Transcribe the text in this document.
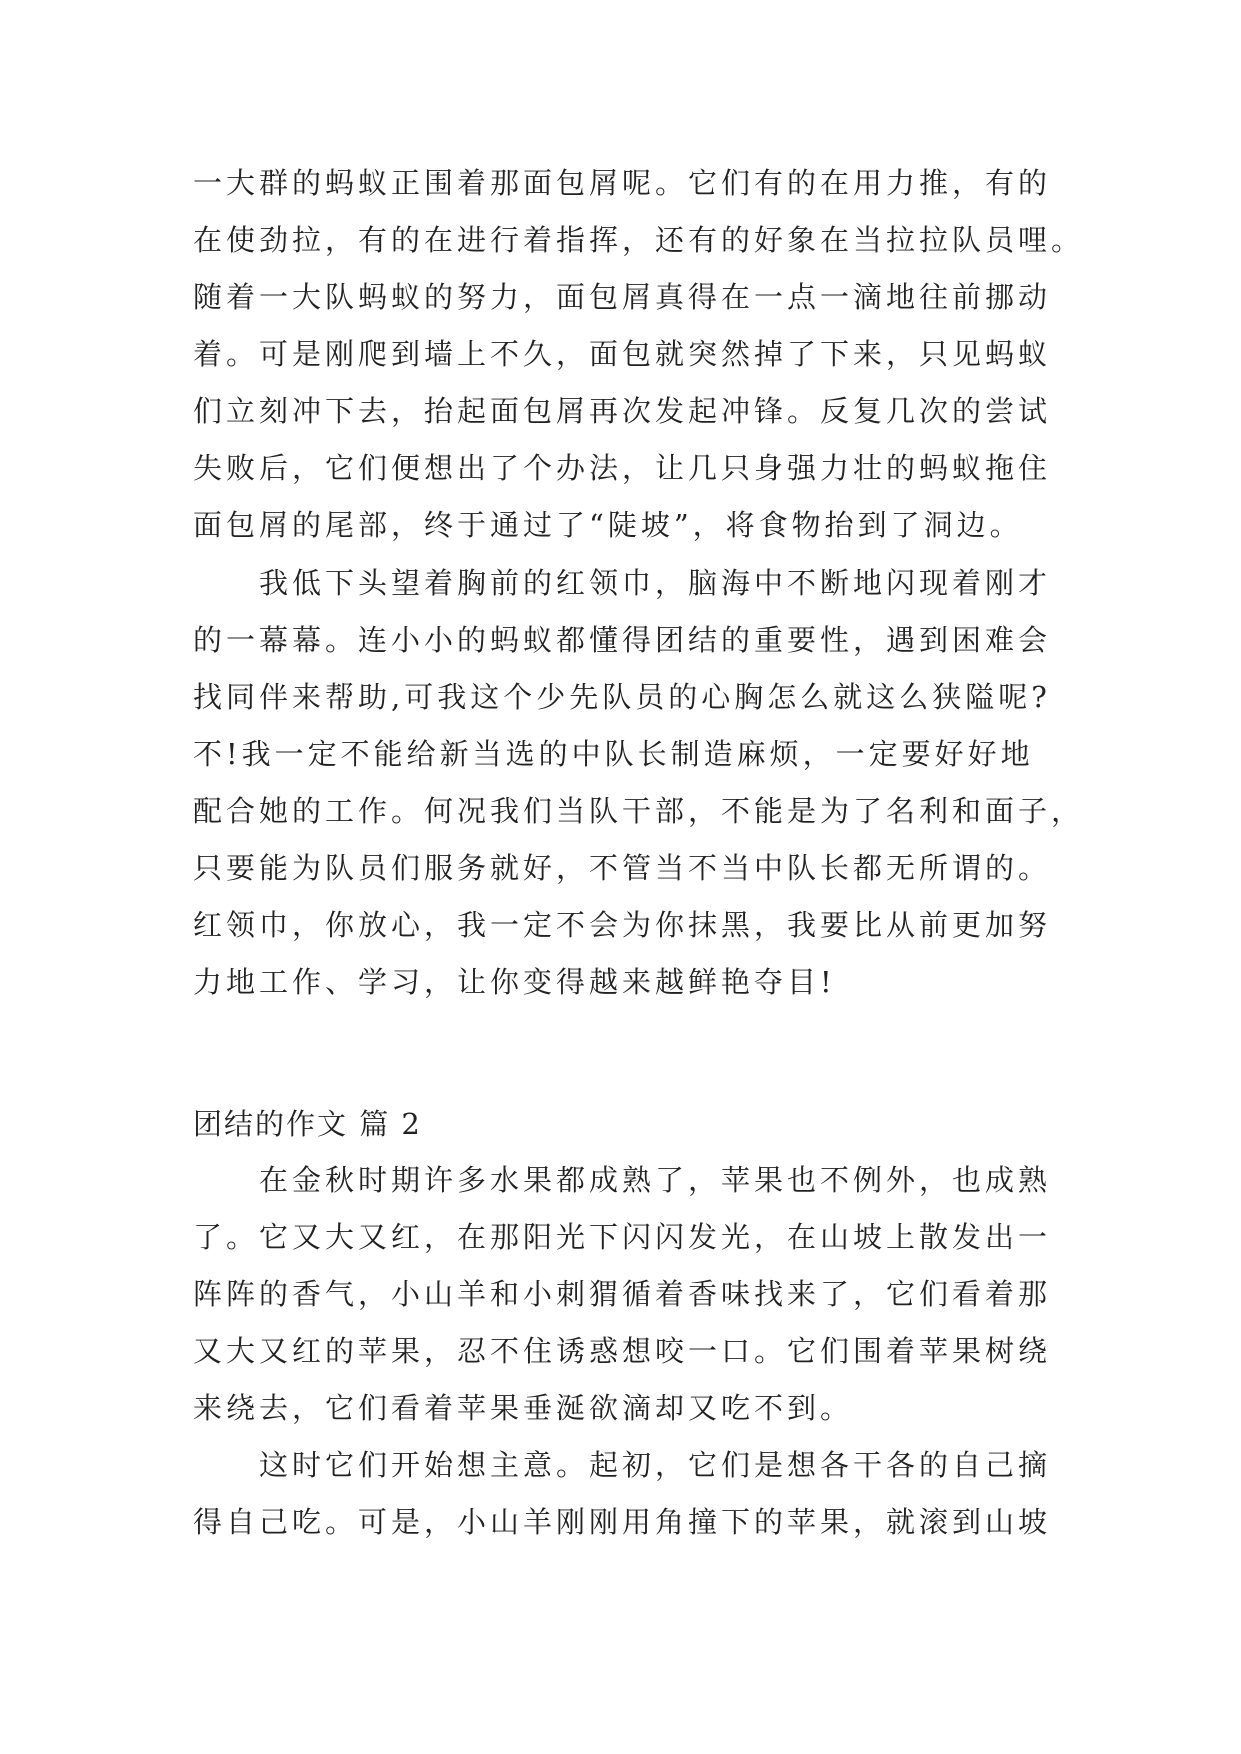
一大群的蚂蚁正围着那面包屑呢。它们有的在用力推，有的
在使劲拉，有的在进行着指挥，还有的好象在当拉拉队员哩。
随着一大队蚂蚁的努力，面包屑真得在一点一滴地往前挪动
着。可是刚爬到墙上不久，面包就突然掉了下来，只见蚂蚁
们立刻冲下去，抬起面包屑再次发起冲锋。反复几次的尝试
失败后，它们便想出了个办法，让几只身强力壮的蚂蚁拖住
面包屑的尾部，终于通过了“陡坡”，将食物抬到了洞边。
我低下头望着胸前的红领巾，脑海中不断地闪现着刚才
的一幕幕。连小小的蚂蚁都懂得团结的重要性，遇到困难会
找同伴来帮助,可我这个少先队员的心胸怎么就这么狭隘呢?
不!我一定不能给新当选的中队长制造麻烦，一定要好好地
配合她的工作。何况我们当队干部，不能是为了名利和面子，
只要能为队员们服务就好，不管当不当中队长都无所谓的。
红领巾，你放心，我一定不会为你抹黑，我要比从前更加努
力地工作、学习，让你变得越来越鲜艳夺目!
团结的作文 篇 2
在金秋时期许多水果都成熟了，苹果也不例外，也成熟
了。它又大又红，在那阳光下闪闪发光，在山坡上散发出一
阵阵的香气，小山羊和小刺猬循着香味找来了，它们看着那
又大又红的苹果，忍不住诱惑想咬一口。它们围着苹果树绕
来绕去，它们看着苹果垂涎欲滴却又吃不到。
这时它们开始想主意。起初，它们是想各干各的自己摘
得自己吃。可是，小山羊刚刚用角撞下的苹果，就滚到山坡
